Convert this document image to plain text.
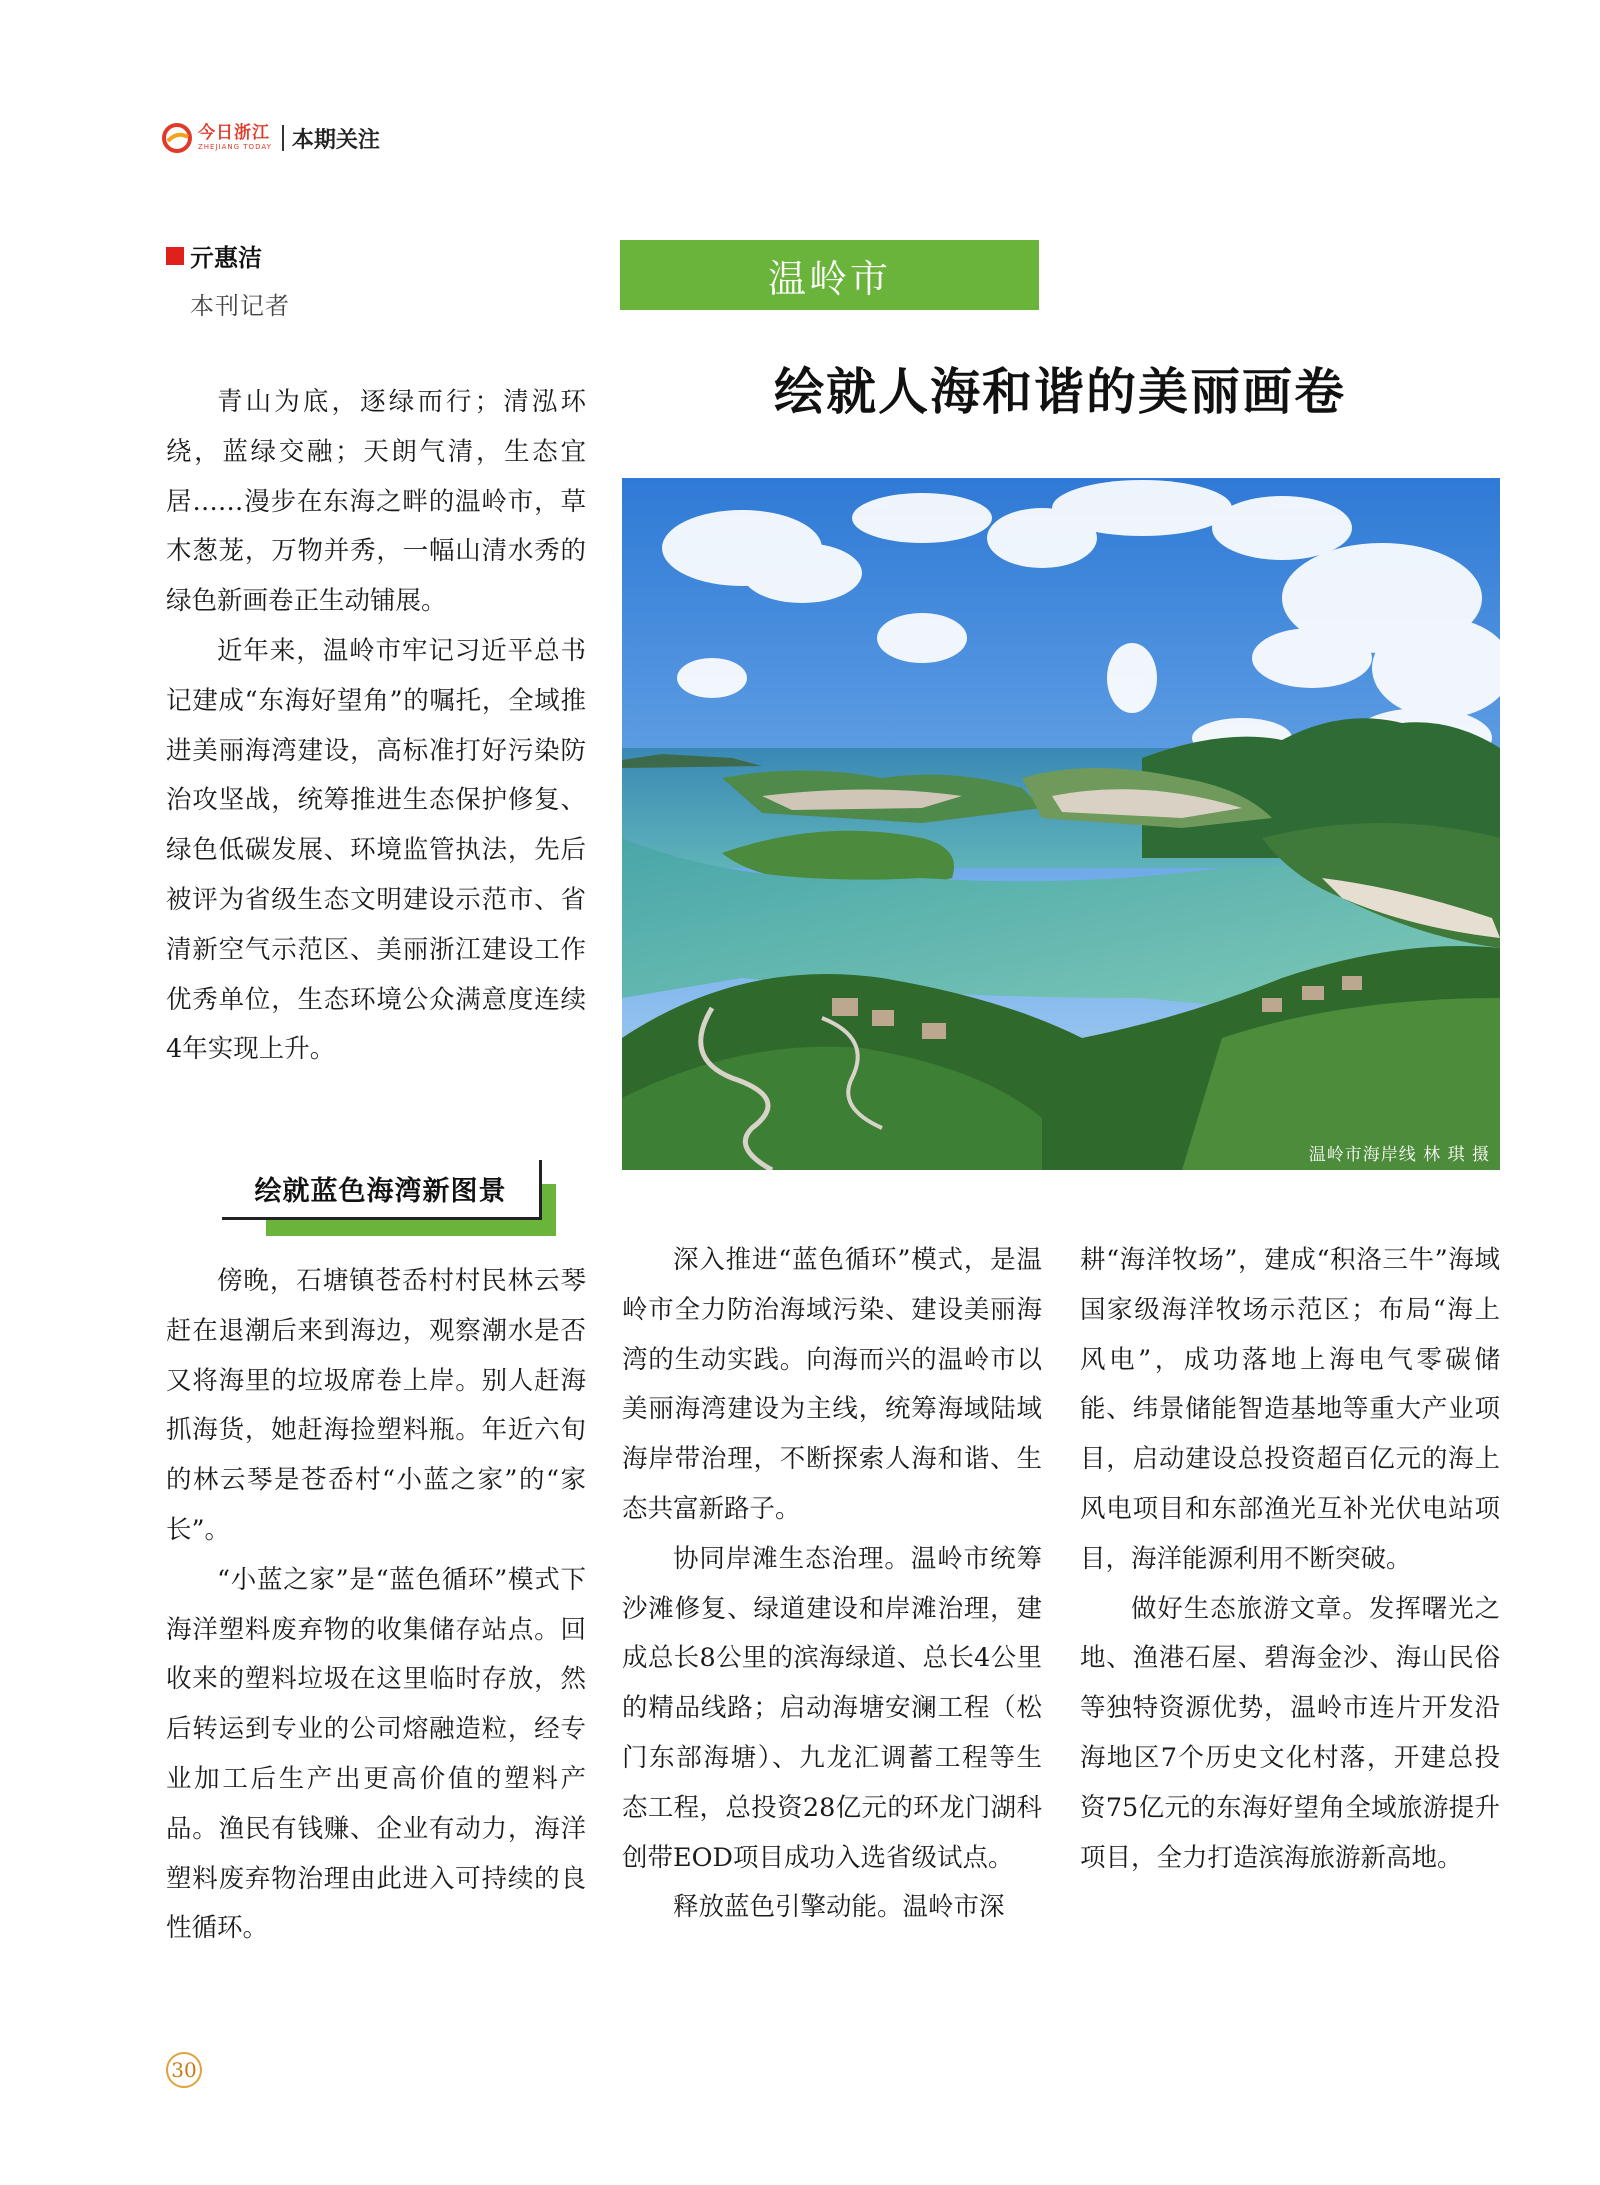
今日浙江
ZHEJIANG TODAY 本期关注
亓惠洁
本刊记者
温岭市
绘就人海和谐的美丽画卷
温岭市海岸线 林 琪 摄

青山为底，逐绿而行；清泓环绕，蓝绿交融；天朗气清，生态宜居……漫步在东海之畔的温岭市，草木葱茏，万物并秀，一幅山清水秀的绿色新画卷正生动铺展。

近年来，温岭市牢记习近平总书记建成“东海好望角”的嘱托，全域推进美丽海湾建设，高标准打好污染防治攻坚战，统筹推进生态保护修复、绿色低碳发展、环境监管执法，先后被评为省级生态文明建设示范市、省清新空气示范区、美丽浙江建设工作优秀单位，生态环境公众满意度连续4年实现上升。

绘就蓝色海湾新图景

傍晚，石塘镇苍岙村村民林云琴赶在退潮后来到海边，观察潮水是否又将海里的垃圾席卷上岸。别人赶海抓海货，她赶海捡塑料瓶。年近六旬的林云琴是苍岙村“小蓝之家”的“家长”。

“小蓝之家”是“蓝色循环”模式下海洋塑料废弃物的收集储存站点。回收来的塑料垃圾在这里临时存放，然后转运到专业的公司熔融造粒，经专业加工后生产出更高价值的塑料产品。渔民有钱赚、企业有动力，海洋塑料废弃物治理由此进入可持续的良性循环。

深入推进“蓝色循环”模式，是温岭市全力防治海域污染、建设美丽海湾的生动实践。向海而兴的温岭市以美丽海湾建设为主线，统筹海域陆域海岸带治理，不断探索人海和谐、生态共富新路子。

协同岸滩生态治理。温岭市统筹沙滩修复、绿道建设和岸滩治理，建成总长8公里的滨海绿道、总长4公里的精品线路；启动海塘安澜工程（松门东部海塘）、九龙汇调蓄工程等生态工程，总投资28亿元的环龙门湖科创带EOD项目成功入选省级试点。

释放蓝色引擎动能。温岭市深

耕“海洋牧场”，建成“积洛三牛”海域国家级海洋牧场示范区；布局“海上风电”，成功落地上海电气零碳储能、纬景储能智造基地等重大产业项目，启动建设总投资超百亿元的海上风电项目和东部渔光互补光伏电站项目，海洋能源利用不断突破。

做好生态旅游文章。发挥曙光之地、渔港石屋、碧海金沙、海山民俗等独特资源优势，温岭市连片开发沿海地区7个历史文化村落，开建总投资75亿元的东海好望角全域旅游提升项目，全力打造滨海旅游新高地。

30
